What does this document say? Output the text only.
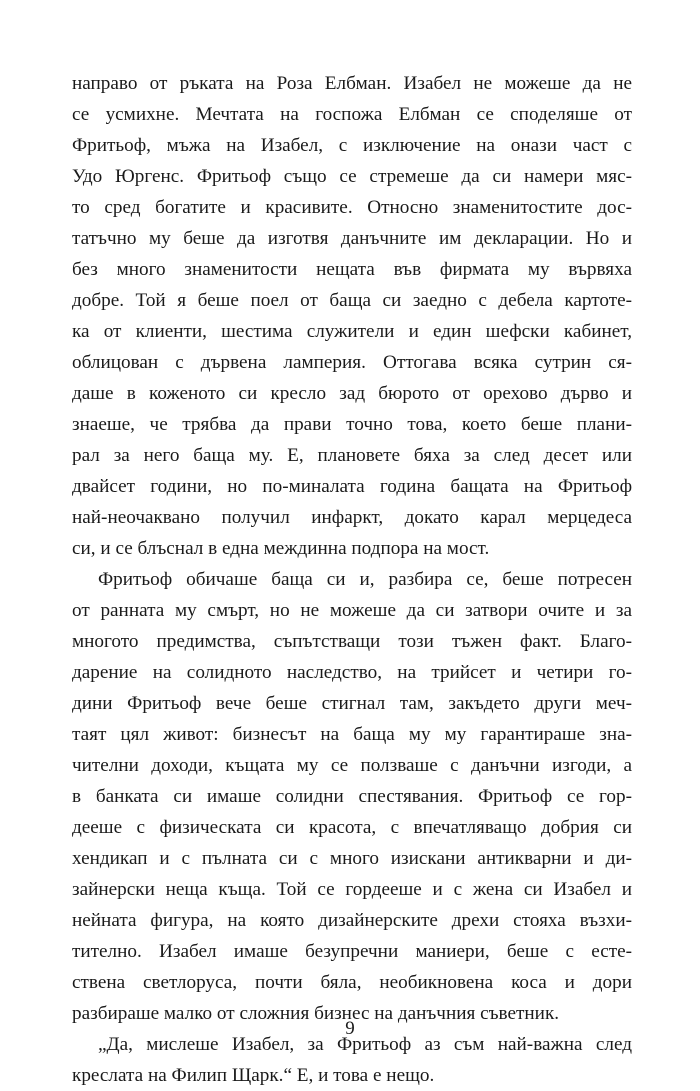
направо от ръката на Роза Елбман. Изабел не можеше да не
се усмихне. Мечтата на госпожа Елбман се споделяше от
Фритьоф, мъжа на Изабел, с изключение на онази част с
Удо Юргенс. Фритьоф също се стремеше да си намери мяс-
то сред богатите и красивите. Относно знаменитостите дос-
татъчно му беше да изготвя данъчните им декларации. Но и
без много знаменитости нещата във фирмата му вървяха
добре. Той я беше поел от баща си заедно с дебела картоте-
ка от клиенти, шестима служители и един шефски кабинет,
облицован с дървена ламперия. Оттогава всяка сутрин ся-
даше в коженото си кресло зад бюрото от орехово дърво и
знаеше, че трябва да прави точно това, което беше плани-
рал за него баща му. Е, плановете бяха за след десет или
двайсет години, но по-миналата година бащата на Фритьоф
най-неочаквано получил инфаркт, докато карал мерцедеса
си, и се блъснал в една междинна подпора на мост.
Фритьоф обичаше баща си и, разбира се, беше потресен
от ранната му смърт, но не можеше да си затвори очите и за
многото предимства, съпътстващи този тъжен факт. Благо-
дарение на солидното наследство, на трийсет и четири го-
дини Фритьоф вече беше стигнал там, закъдето други меч-
таят цял живот: бизнесът на баща му му гарантираше зна-
чителни доходи, къщата му се ползваше с данъчни изгоди, а
в банката си имаше солидни спестявания. Фритьоф се гор-
дееше с физическата си красота, с впечатляващо добрия си
хендикап и с пълната си с много изискани антикварни и ди-
зайнерски неща къща. Той се гордееше и с жена си Изабел и
нейната фигура, на която дизайнерските дрехи стояха възхи-
тително. Изабел имаше безупречни маниери, беше с есте-
ствена светлоруса, почти бяла, необикновена коса и дори
разбираше малко от сложния бизнес на данъчния съветник.
„Да, мислеше Изабел, за Фритьоф аз съм най-важна след
креслата на Филип Щарк.“ Е, и това е нещо.
9
